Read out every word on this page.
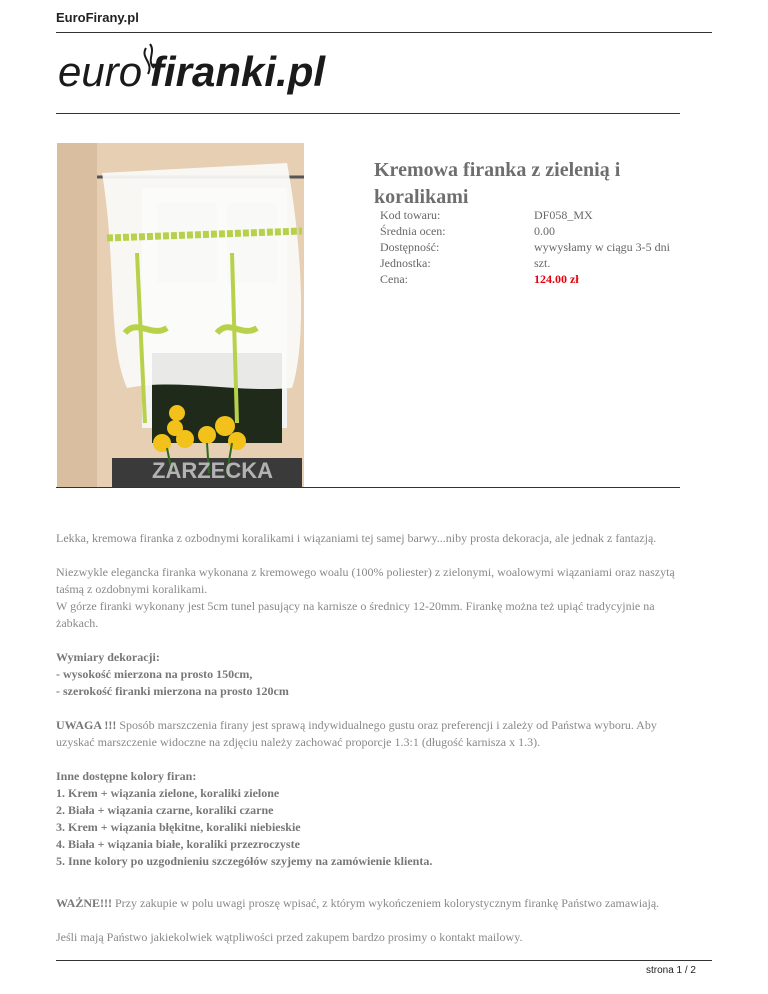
EuroFirany.pl
euro firanki.pl
ZARZECKA
Kremowa firanka z zielenią i koralikami
Kod towaru:	DF058_MX
Średnia ocen:	0.00
Dostępność:	wywysłamy w ciągu 3-5 dni
Jednostka:	szt.
Cena:	124.00 zł

Lekka, kremowa firanka z ozbodnymi koralikami i wiązaniami tej samej barwy...niby prosta dekoracja, ale jednak z fantazją.

Niezwykle elegancka firanka wykonana z kremowego woalu (100% poliester) z zielonymi, woalowymi wiązaniami oraz naszytą taśmą z ozdobnymi koralikami.
W górze firanki wykonany jest 5cm tunel pasujący na karnisze o średnicy 12-20mm. Firankę można też upiąć tradycyjnie na żabkach.

Wymiary dekoracji:
- wysokość mierzona na prosto 150cm,
- szerokość firanki mierzona na prosto 120cm

UWAGA !!! Sposób marszczenia firany jest sprawą indywidualnego gustu oraz preferencji i zależy od Państwa wyboru. Aby uzyskać marszczenie widoczne na zdjęciu należy zachować proporcje 1.3:1 (długość karnisza x 1.3).

Inne dostępne kolory firan:
1. Krem + wiązania zielone, koraliki zielone
2. Biała + wiązania czarne, koraliki czarne
3. Krem + wiązania błękitne, koraliki niebieskie
4. Biała + wiązania białe, koraliki przezroczyste
5. Inne kolory po uzgodnieniu szczegółów szyjemy na zamówienie klienta.

WAŻNE!!! Przy zakupie w polu uwagi proszę wpisać, z którym wykończeniem kolorystycznym firankę Państwo zamawiają.

Jeśli mają Państwo jakiekolwiek wątpliwości przed zakupem bardzo prosimy o kontakt mailowy.

strona 1 / 2
